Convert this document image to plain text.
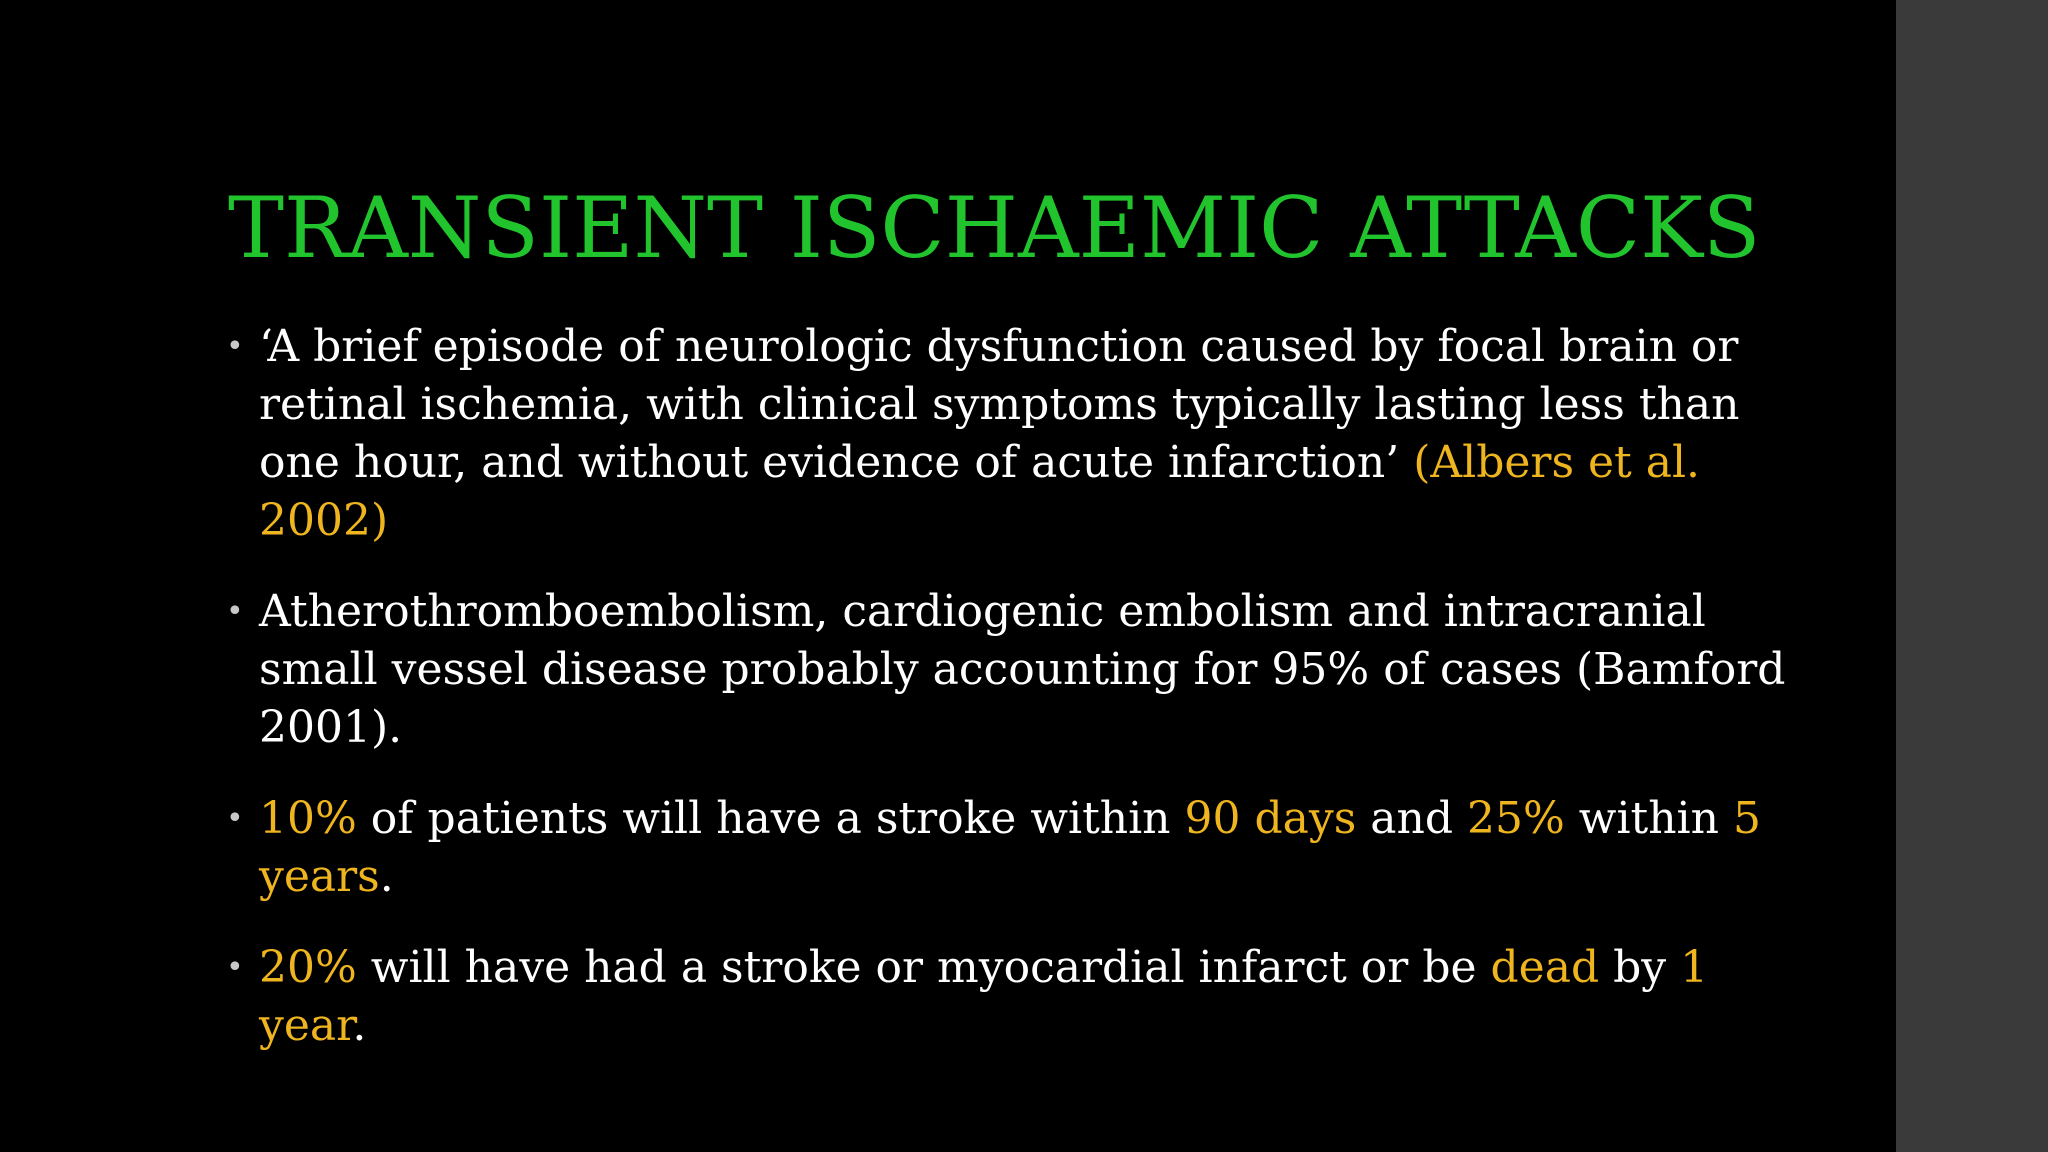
TRANSIENT ISCHAEMIC ATTACKS
• ‘A brief episode of neurologic dysfunction caused by focal brain or retinal ischemia, with clinical symptoms typically lasting less than one hour, and without evidence of acute infarction’ (Albers et al. 2002)
• Atherothromboembolism, cardiogenic embolism and intracranial small vessel disease probably accounting for 95% of cases (Bamford 2001).
• 10% of patients will have a stroke within 90 days and 25% within 5 years.
• 20% will have had a stroke or myocardial infarct or be dead by 1 year.
